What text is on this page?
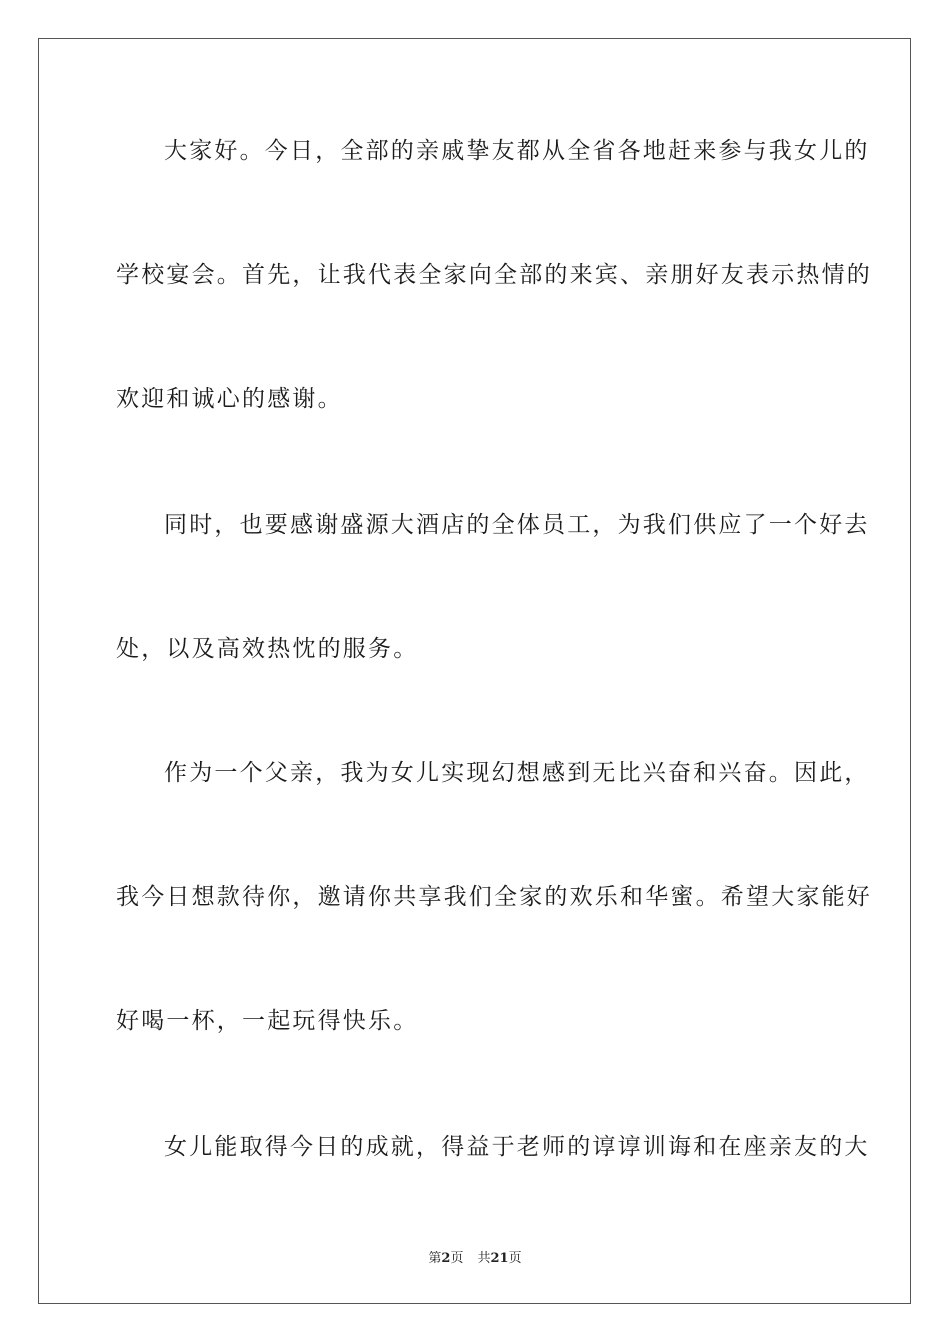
大家好。今日，全部的亲戚挚友都从全省各地赶来参与我女儿的
学校宴会。首先，让我代表全家向全部的来宾、亲朋好友表示热情的
欢迎和诚心的感谢。
同时，也要感谢盛源大酒店的全体员工，为我们供应了一个好去
处，以及高效热忱的服务。
作为一个父亲，我为女儿实现幻想感到无比兴奋和兴奋。因此，
我今日想款待你，邀请你共享我们全家的欢乐和华蜜。希望大家能好
好喝一杯，一起玩得快乐。
女儿能取得今日的成就，得益于老师的谆谆训诲和在座亲友的大
第2页 共21页
